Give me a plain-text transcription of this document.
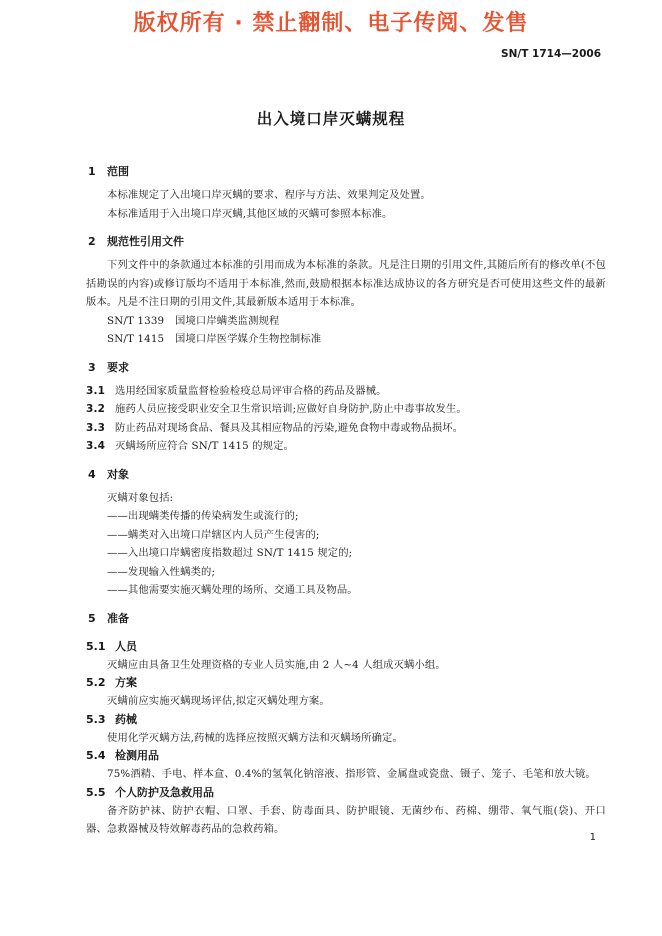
版权所有 · 禁止翻制、电子传阅、发售
SN/T 1714—2006
出入境口岸灭螨规程
1 范围
本标准规定了入出境口岸灭螨的要求、程序与方法、效果判定及处置。
本标准适用于入出境口岸灭螨,其他区域的灭螨可参照本标准。
2 规范性引用文件
下列文件中的条款通过本标准的引用而成为本标准的条款。凡是注日期的引用文件,其随后所有的修改单(不包括勘误的内容)或修订版均不适用于本标准,然而,鼓励根据本标准达成协议的各方研究是否可使用这些文件的最新版本。凡是不注日期的引用文件,其最新版本适用于本标准。
SN/T 1339 国境口岸螨类监测规程
SN/T 1415 国境口岸医学媒介生物控制标准
3 要求
3.1 选用经国家质量监督检验检疫总局评审合格的药品及器械。
3.2 施药人员应接受职业安全卫生常识培训;应做好自身防护,防止中毒事故发生。
3.3 防止药品对现场食品、餐具及其相应物品的污染,避免食物中毒或物品损坏。
3.4 灭螨场所应符合 SN/T 1415 的规定。
4 对象
灭螨对象包括:
——出现螨类传播的传染病发生或流行的;
——螨类对入出境口岸辖区内人员产生侵害的;
——入出境口岸螨密度指数超过 SN/T 1415 规定的;
——发现输入性螨类的;
——其他需要实施灭螨处理的场所、交通工具及物品。
5 准备
5.1 人员
灭螨应由具备卫生处理资格的专业人员实施,由 2 人~4 人组成灭螨小组。
5.2 方案
灭螨前应实施灭螨现场评估,拟定灭螨处理方案。
5.3 药械
使用化学灭螨方法,药械的选择应按照灭螨方法和灭螨场所确定。
5.4 检测用品
75%酒精、手电、样本盒、0.4%的氢氧化钠溶液、指形管、金属盘或瓷盘、镊子、笼子、毛笔和放大镜。
5.5 个人防护及急救用品
备齐防护袜、防护衣帽、口罩、手套、防毒面具、防护眼镜、无菌纱布、药棉、绷带、氧气瓶(袋)、开口器、急救器械及特效解毒药品的急救药箱。
1
